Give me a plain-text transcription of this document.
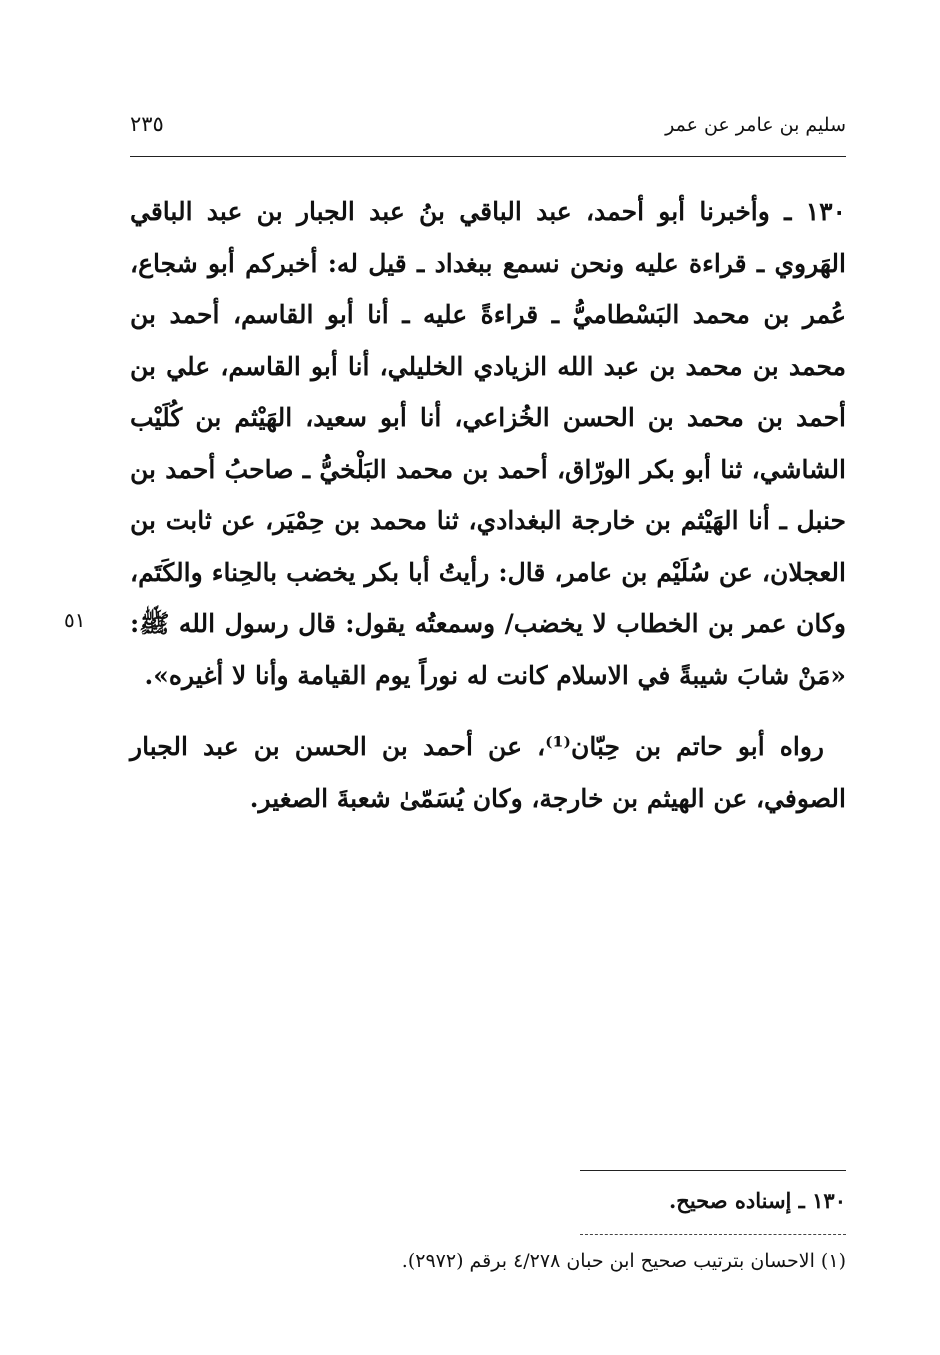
سليم بن عامر عن عمر
٢٣٥

١٣٠ ـ وأخبرنا أبو أحمد، عبد الباقي بنُ عبد الجبار بن عبد الباقي الهَروي ـ قراءة عليه ونحن نسمع ببغداد ـ قيل له: أخبركم أبو شجاع، عُمر بن محمد البَسْطاميُّ ـ قراءةً عليه ـ أنا أبو القاسم، أحمد بن محمد بن محمد بن عبد الله الزيادي الخليلي، أنا أبو القاسم، علي بن أحمد بن محمد بن الحسن الخُزاعي، أنا أبو سعيد، الهَيْثم بن كُلَيْب الشاشي، ثنا أبو بكر الورّاق، أحمد بن محمد البَلْخيُّ ـ صاحبُ أحمد بن حنبل ـ أنا الهَيْثم بن خارجة البغدادي، ثنا محمد بن حِمْيَر، عن ثابت بن العجلان، عن سُلَيْم بن عامر، قال: رأيتُ أبا بكر يخضب بالحِناء والكَتَم، وكان عمر بن الخطاب لا يخضب/ وسمعتُه يقول: قال رسول الله ﷺ: «مَنْ شابَ شيبةً في الاسلام كانت له نوراً يوم القيامة وأنا لا أغيره».

رواه أبو حاتم بن حِبّان⁽¹⁾، عن أحمد بن الحسن بن عبد الجبار الصوفي، عن الهيثم بن خارجة، وكان يُسَمّىٰ شعبةَ الصغير.

٥١
١٣٠ ـ إسناده صحيح.
(١) الاحسان بترتيب صحيح ابن حبان ٤/٢٧٨ برقم (٢٩٧٢).
